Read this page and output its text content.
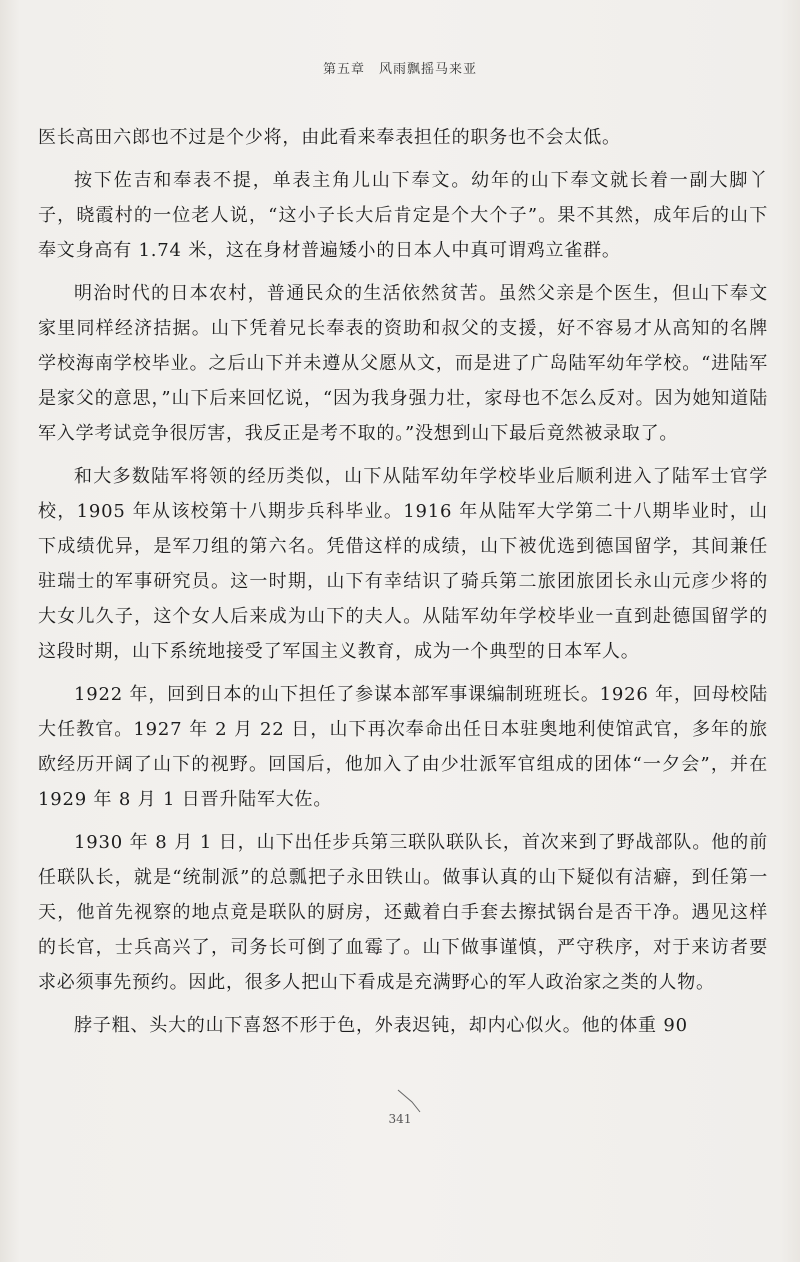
第五章 风雨飘摇马来亚

医长高田六郎也不过是个少将，由此看来奉表担任的职务也不会太低。

按下佐吉和奉表不提，单表主角儿山下奉文。幼年的山下奉文就长着一副大脚丫子，晓霞村的一位老人说，“这小子长大后肯定是个大个子”。果不其然，成年后的山下奉文身高有 1.74 米，这在身材普遍矮小的日本人中真可谓鸡立雀群。

明治时代的日本农村，普通民众的生活依然贫苦。虽然父亲是个医生，但山下奉文家里同样经济拮据。山下凭着兄长奉表的资助和叔父的支援，好不容易才从高知的名牌学校海南学校毕业。之后山下并未遵从父愿从文，而是进了广岛陆军幼年学校。“进陆军是家父的意思，”山下后来回忆说，“因为我身强力壮，家母也不怎么反对。因为她知道陆军入学考试竞争很厉害，我反正是考不取的。”没想到山下最后竟然被录取了。

和大多数陆军将领的经历类似，山下从陆军幼年学校毕业后顺利进入了陆军士官学校，1905 年从该校第十八期步兵科毕业。1916 年从陆军大学第二十八期毕业时，山下成绩优异，是军刀组的第六名。凭借这样的成绩，山下被优选到德国留学，其间兼任驻瑞士的军事研究员。这一时期，山下有幸结识了骑兵第二旅团旅团长永山元彦少将的大女儿久子，这个女人后来成为山下的夫人。从陆军幼年学校毕业一直到赴德国留学的这段时期，山下系统地接受了军国主义教育，成为一个典型的日本军人。

1922 年，回到日本的山下担任了参谋本部军事课编制班班长。1926 年，回母校陆大任教官。1927 年 2 月 22 日，山下再次奉命出任日本驻奥地利使馆武官，多年的旅欧经历开阔了山下的视野。回国后，他加入了由少壮派军官组成的团体“一夕会”，并在 1929 年 8 月 1 日晋升陆军大佐。

1930 年 8 月 1 日，山下出任步兵第三联队联队长，首次来到了野战部队。他的前任联队长，就是“统制派”的总瓢把子永田铁山。做事认真的山下疑似有洁癖，到任第一天，他首先视察的地点竟是联队的厨房，还戴着白手套去擦拭锅台是否干净。遇见这样的长官，士兵高兴了，司务长可倒了血霉了。山下做事谨慎，严守秩序，对于来访者要求必须事先预约。因此，很多人把山下看成是充满野心的军人政治家之类的人物。

脖子粗、头大的山下喜怒不形于色，外表迟钝，却内心似火。他的体重 90

341
